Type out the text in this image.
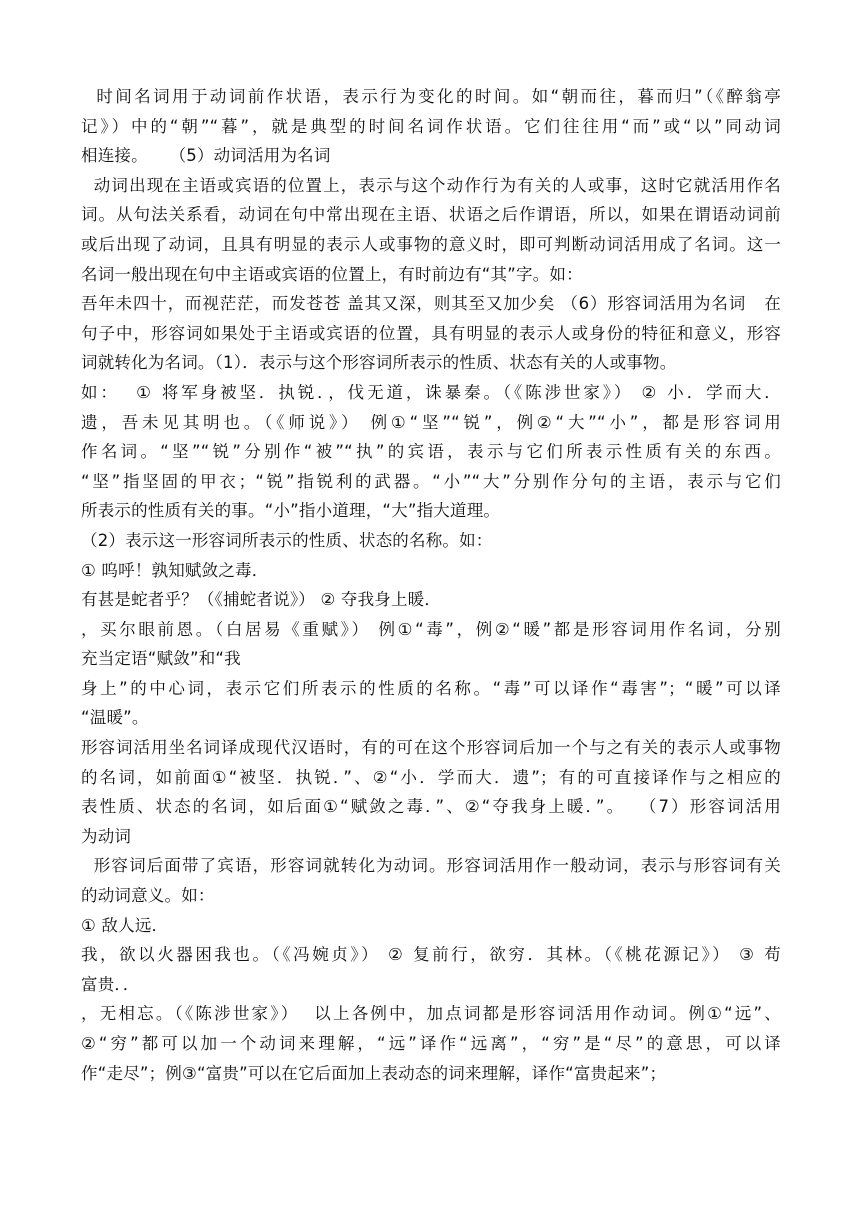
时间名词用于动词前作状语，表示行为变化的时间。如“朝而往，暮而归”（《醉翁亭
记》）中的“朝”“暮”，就是典型的时间名词作状语。它们往往用“而”或“以”同动词
相连接。    （5）动词活用为名词
动词出现在主语或宾语的位置上，表示与这个动作行为有关的人或事，这时它就活用作名
词。从句法关系看，动词在句中常出现在主语、状语之后作谓语，所以，如果在谓语动词前
或后出现了动词，且具有明显的表示人或事物的意义时，即可判断动词活用成了名词。这一
名词一般出现在句中主语或宾语的位置上，有时前边有“其”字。如：
吾年未四十，而视茫茫，而发苍苍 盖其又深，则其至又加少矣 （6）形容词活用为名词   在
句子中，形容词如果处于主语或宾语的位置，具有明显的表示人或身份的特征和意义，形容
词就转化为名词。（1）．表示与这个形容词所表示的性质、状态有关的人或事物。
如：  ① 将军身被坚．执锐．，伐无道，诛暴秦。（《陈涉世家》） ② 小．学而大．
遗，吾未见其明也。（《师说》） 例①“坚”“锐”，例②“大”“小”，都是形容词用
作名词。“坚”“锐”分别作“被”“执”的宾语，表示与它们所表示性质有关的东西。
“坚”指坚固的甲衣；“锐”指锐利的武器。“小”“大”分别作分句的主语，表示与它们
所表示的性质有关的事。“小”指小道理，“大”指大道理。
（2）表示这一形容词所表示的性质、状态的名称。如：
① 呜呼！孰知赋敛之毒．
有甚是蛇者乎？（《捕蛇者说》） ② 夺我身上暖．
，买尔眼前恩。（白居易《重赋》） 例①“毒”，例②“暖”都是形容词用作名词，分别
充当定语“赋敛”和“我
身上”的中心词，表示它们所表示的性质的名称。“毒”可以译作“毒害”；“暖”可以译
“温暖”。
形容词活用坐名词译成现代汉语时，有的可在这个形容词后加一个与之有关的表示人或事物
的名词，如前面①“被坚．执锐．”、②“小．学而大．遗”；有的可直接译作与之相应的
表性质、状态的名词，如后面①“赋敛之毒．”、②“夺我身上暖．”。  （7）形容词活用
为动词
形容词后面带了宾语，形容词就转化为动词。形容词活用作一般动词，表示与形容词有关
的动词意义。如：
① 敌人远．
我，欲以火器困我也。（《冯婉贞》） ② 复前行，欲穷．其林。（《桃花源记》） ③ 苟
富贵．．
，无相忘。（《陈涉世家》）  以上各例中，加点词都是形容词活用作动词。例①“远”、
②“穷”都可以加一个动词来理解，“远”译作“远离”，“穷”是“尽”的意思，可以译
作“走尽”；例③“富贵”可以在它后面加上表动态的词来理解，译作“富贵起来”；
